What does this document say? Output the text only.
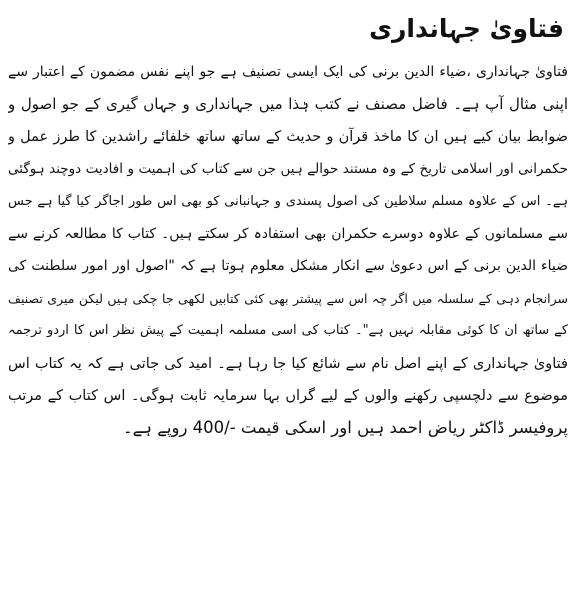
فتاویٰ جہانداری
فتاویٰ جہانداری ،ضیاء الدین برنی کی ایک ایسی تصنیف ہے جو اپنے نفس مضمون کے اعتبار سے
اپنی مثال آپ ہے۔ فاضل مصنف نے کتب ہٰذا میں جہانداری و جہاں گیری کے جو اصول و
ضوابط بیان کیے ہیں ان کا ماخذ قرآن و حدیث کے ساتھ ساتھ خلفائے راشدین کا طرز عمل و
حکمرانی اور اسلامی تاریخ کے وہ مستند حوالے ہیں جن سے کتاب کی اہمیت و افادیت دوچند ہوگئی
ہے۔ اس کے علاوہ مسلم سلاطین کی اصول پسندی و جہانبانی کو بھی اس طور اجاگر کیا گیا ہے جس
سے مسلمانوں کے علاوہ دوسرے حکمران بھی استفادہ کر سکتے ہیں۔ کتاب کا مطالعہ کرنے سے
ضیاء الدین برنی کے اس دعویٰ سے انکار مشکل معلوم ہوتا ہے کہ "اصول اور امور سلطنت کی
سرانجام دہی کے سلسلہ میں اگر چہ اس سے پیشتر بھی کئی کتابیں لکھی جا چکی ہیں لیکن میری تصنیف
کے ساتھ ان کا کوئی مقابلہ نہیں ہے"۔ کتاب کی اسی مسلمہ اہمیت کے پیش نظر اس کا اردو ترجمہ
فتاویٰ جہانداری کے اپنے اصل نام سے شائع کیا جا رہا ہے۔ امید کی جاتی ہے کہ یہ کتاب اس
موضوع سے دلچسپی رکھنے والوں کے لیے گراں بہا سرمایہ ثابت ہوگی۔ اس کتاب کے مرتب
پروفیسر ڈاکٹر ریاض احمد ہیں اور اسکی قیمت -/400 روپے ہے۔
